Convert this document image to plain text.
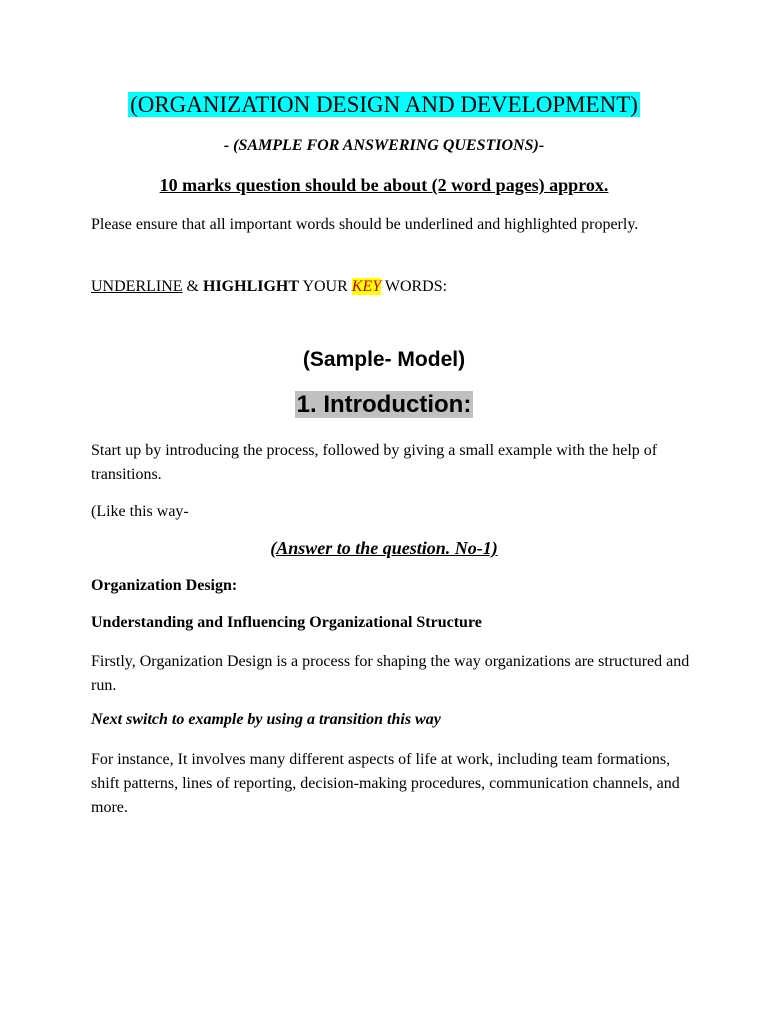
(ORGANIZATION DESIGN AND DEVELOPMENT)
- (SAMPLE FOR ANSWERING QUESTIONS)-
10 marks question should be about (2 word pages) approx.
Please ensure that all important words should be underlined and highlighted properly.
UNDERLINE & HIGHLIGHT YOUR KEY WORDS:
(Sample- Model)
1. Introduction:
Start up by introducing the process, followed by giving a small example with the help of transitions.
(Like this way-
(Answer to the question. No-1)
Organization Design:
Understanding and Influencing Organizational Structure
Firstly, Organization Design is a process for shaping the way organizations are structured and run.
Next switch to example by using a transition this way
For instance, It involves many different aspects of life at work, including team formations, shift patterns, lines of reporting, decision-making procedures, communication channels, and more.
